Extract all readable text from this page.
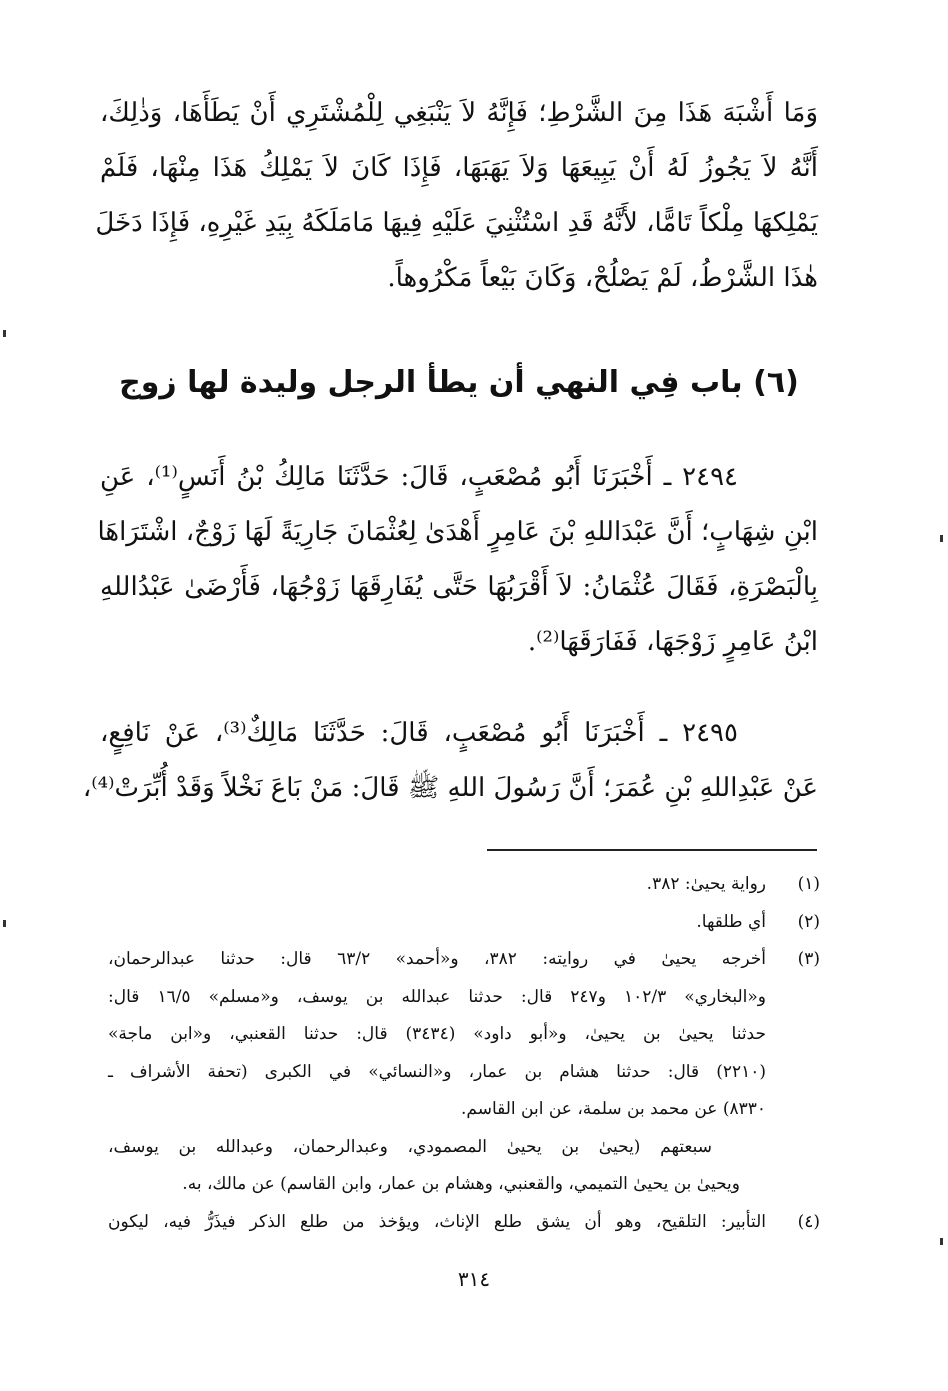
وَمَا أَشْبَهَ هَذَا مِنَ الشَّرْطِ؛ فَإِنَّهُ لاَ يَنْبَغِي لِلْمُشْتَرِي أَنْ يَطَأَهَا، وَذٰلِكَ،
أَنَّهُ لاَ يَجُوزُ لَهُ أَنْ يَبِيعَهَا وَلاَ يَهَبَهَا، فَإِذَا كَانَ لاَ يَمْلِكُ هَذَا مِنْهَا، فَلَمْ
يَمْلِكهَا مِلْكاً تَامًّا، لأَنَّهُ قَدِ اسْتُثْنِيَ عَلَيْهِ فِيهَا مَامَلَكَهُ بِيَدِ غَيْرِهِ، فَإِذَا دَخَلَ
هٰذَا الشَّرْطُ، لَمْ يَصْلُحْ، وَكَانَ بَيْعاً مَكْرُوهاً.
(٦) باب فِي النهي أن يطأ الرجل وليدة لها زوج
٢٤٩٤ ـ أَخْبَرَنَا أَبُو مُصْعَبٍ، قَالَ: حَدَّثَنَا مَالِكُ بْنُ أَنَسٍ⁽¹⁾، عَنِ
ابْنِ شِهَابٍ؛ أَنَّ عَبْدَاللهِ بْنَ عَامِرٍ أَهْدَىٰ لِعُثْمَانَ جَارِيَةً لَهَا زَوْجٌ، اشْتَرَاهَا
بِالْبَصْرَةِ، فَقَالَ عُثْمَانُ: لاَ أَقْرَبُهَا حَتَّى يُفَارِقَهَا زَوْجُهَا، فَأَرْضَىٰ عَبْدُاللهِ
ابْنُ عَامِرٍ زَوْجَهَا، فَفَارَقَهَا⁽²⁾.
٢٤٩٥ ـ أَخْبَرَنَا أَبُو مُصْعَبٍ، قَالَ: حَدَّثَنَا مَالِكٌ⁽³⁾، عَنْ نَافِعٍ،
عَنْ عَبْدِاللهِ بْنِ عُمَرَ؛ أَنَّ رَسُولَ اللهِ ﷺ قَالَ: مَنْ بَاعَ نَخْلاً وَقَدْ أُبِّرَتْ⁽⁴⁾،
(١)
رواية يحيىٰ: ٣٨٢.
(٢)
أي طلقها.
(٣)
أخرجه يحيىٰ في روايته: ٣٨٢، و«أحمد» ٦٣/٢ قال: حدثنا عبدالرحمان،
و«البخاري» ١٠٢/٣ و٢٤٧ قال: حدثنا عبدالله بن يوسف، و«مسلم» ١٦/٥ قال:
حدثنا يحيىٰ بن يحيىٰ، و«أبو داود» (٣٤٣٤) قال: حدثنا القعنبي، و«ابن ماجة»
(٢٢١٠) قال: حدثنا هشام بن عمار، و«النسائي» في الكبرى (تحفة الأشراف ـ
٨٣٣٠) عن محمد بن سلمة، عن ابن القاسم.
سبعتهم (يحيىٰ بن يحيىٰ المصمودي، وعبدالرحمان، وعبدالله بن يوسف،
ويحيىٰ بن يحيىٰ التميمي، والقعنبي، وهشام بن عمار، وابن القاسم) عن مالك، به.
(٤)
التأبير: التلقيح، وهو أن يشق طلع الإناث، ويؤخذ من طلع الذكر فيذَرُّ فيه، ليكون
٣١٤
